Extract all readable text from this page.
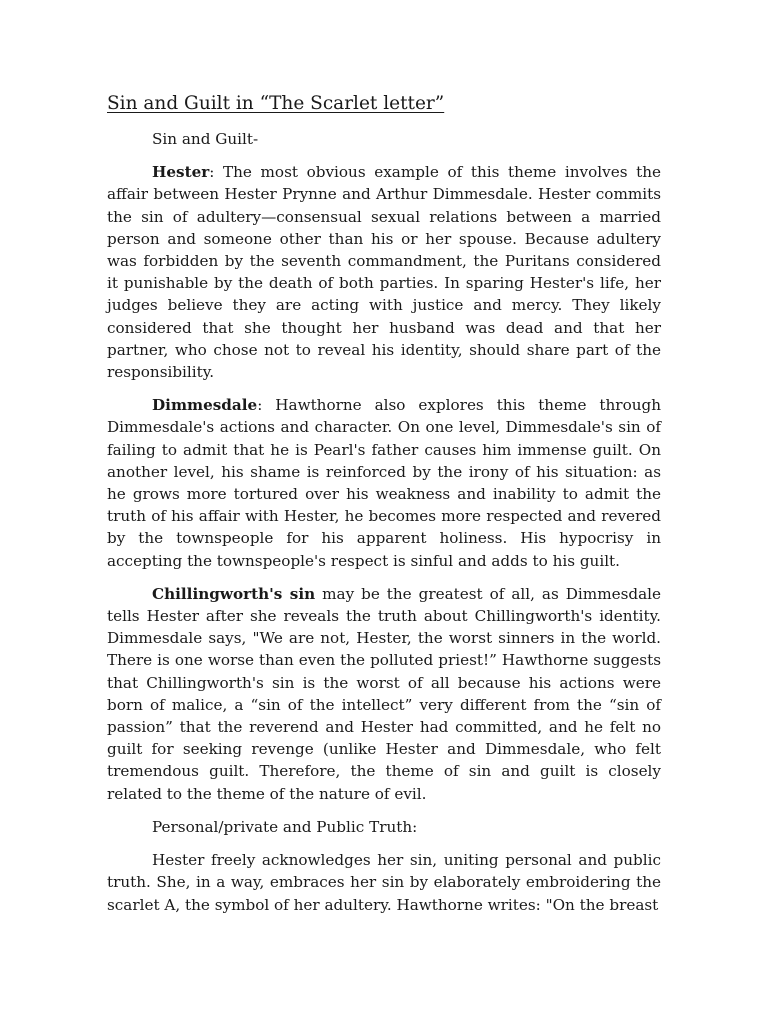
Sin and Guilt in “The Scarlet letter”

Sin and Guilt-

Hester: The most obvious example of this theme involves the affair between Hester Prynne and Arthur Dimmesdale. Hester commits the sin of adultery—consensual sexual relations between a married person and someone other than his or her spouse. Because adultery was forbidden by the seventh commandment, the Puritans considered it punishable by the death of both parties. In sparing Hester's life, her judges believe they are acting with justice and mercy. They likely considered that she thought her husband was dead and that her partner, who chose not to reveal his identity, should share part of the responsibility.

Dimmesdale: Hawthorne also explores this theme through Dimmesdale's actions and character. On one level, Dimmesdale's sin of failing to admit that he is Pearl's father causes him immense guilt. On another level, his shame is reinforced by the irony of his situation: as he grows more tortured over his weakness and inability to admit the truth of his affair with Hester, he becomes more respected and revered by the townspeople for his apparent holiness. His hypocrisy in accepting the townspeople's respect is sinful and adds to his guilt.

Chillingworth's sin may be the greatest of all, as Dimmesdale tells Hester after she reveals the truth about Chillingworth's identity. Dimmesdale says, "We are not, Hester, the worst sinners in the world. There is one worse than even the polluted priest!” Hawthorne suggests that Chillingworth's sin is the worst of all because his actions were born of malice, a “sin of the intellect” very different from the “sin of passion” that the reverend and Hester had committed, and he felt no guilt for seeking revenge (unlike Hester and Dimmesdale, who felt tremendous guilt. Therefore, the theme of sin and guilt is closely related to the theme of the nature of evil.

Personal/private and Public Truth:

Hester freely acknowledges her sin, uniting personal and public truth. She, in a way, embraces her sin by elaborately embroidering the scarlet A, the symbol of her adultery. Hawthorne writes: "On the breast
